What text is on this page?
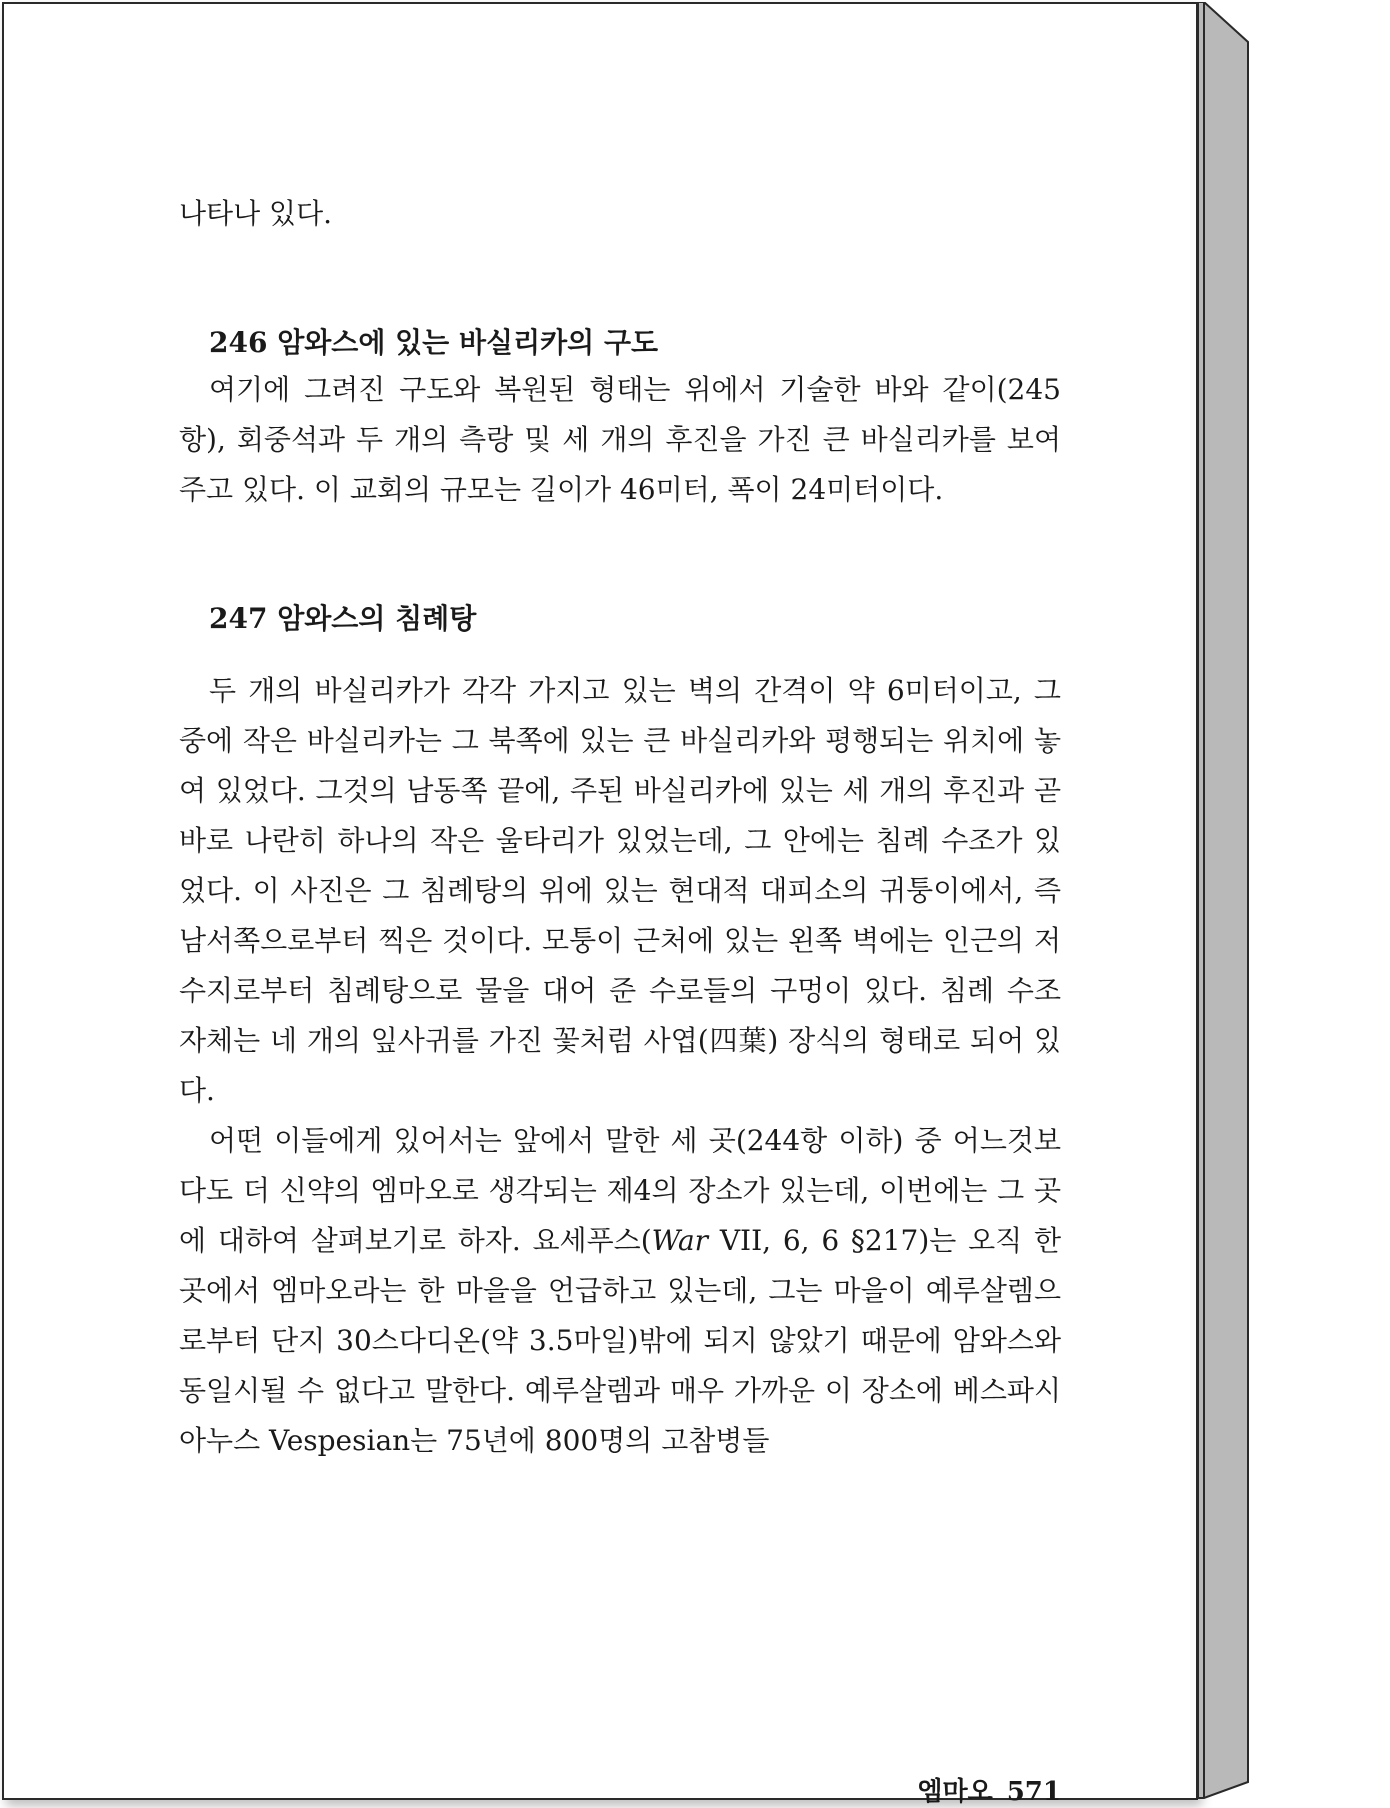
나타나 있다.

246 암와스에 있는 바실리카의 구도

여기에 그려진 구도와 복원된 형태는 위에서 기술한 바와 같이(245항), 회중석과 두 개의 측랑 및 세 개의 후진을 가진 큰 바실리카를 보여 주고 있다. 이 교회의 규모는 길이가 46미터, 폭이 24미터이다.

247 암와스의 침례탕

두 개의 바실리카가 각각 가지고 있는 벽의 간격이 약 6미터이고, 그 중에 작은 바실리카는 그 북쪽에 있는 큰 바실리카와 평행되는 위치에 놓여 있었다. 그것의 남동쪽 끝에, 주된 바실리카에 있는 세 개의 후진과 곧바로 나란히 하나의 작은 울타리가 있었는데, 그 안에는 침례 수조가 있었다. 이 사진은 그 침례탕의 위에 있는 현대적 대피소의 귀퉁이에서, 즉 남서쪽으로부터 찍은 것이다. 모퉁이 근처에 있는 왼쪽 벽에는 인근의 저수지로부터 침례탕으로 물을 대어 준 수로들의 구멍이 있다. 침례 수조 자체는 네 개의 잎사귀를 가진 꽃처럼 사엽(四葉) 장식의 형태로 되어 있다.

어떤 이들에게 있어서는 앞에서 말한 세 곳(244항 이하) 중 어느것보다도 더 신약의 엠마오로 생각되는 제4의 장소가 있는데, 이번에는 그 곳에 대하여 살펴보기로 하자. 요세푸스(War VII, 6, 6 §217)는 오직 한 곳에서 엠마오라는 한 마을을 언급하고 있는데, 그는 마을이 예루살렘으로부터 단지 30스다디온(약 3.5마일)밖에 되지 않았기 때문에 암와스와 동일시될 수 없다고 말한다. 예루살렘과 매우 가까운 이 장소에 베스파시아누스 Vespesian는 75년에 800명의 고참병들

엠마오 571
